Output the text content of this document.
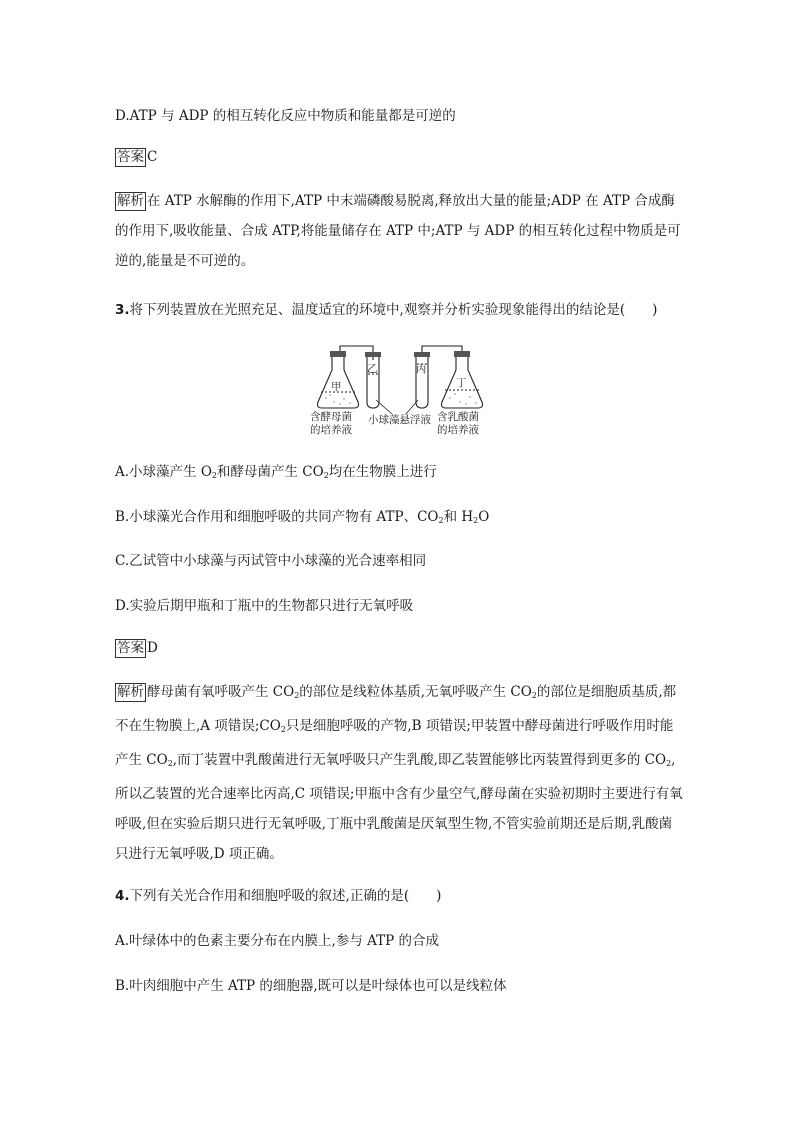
D.ATP 与 ADP 的相互转化反应中物质和能量都是可逆的
答案 C
解析 在 ATP 水解酶的作用下,ATP 中末端磷酸易脱离,释放出大量的能量;ADP 在 ATP 合成酶的作用下,吸收能量、合成 ATP,将能量储存在 ATP 中;ATP 与 ADP 的相互转化过程中物质是可逆的,能量是不可逆的。
3.将下列装置放在光照充足、温度适宜的环境中,观察并分析实验现象能得出的结论是(　　)
甲
乙	丙
丁
含酵母菌
的培养液
小球藻悬浮液 含乳酸菌
的培养液
A.小球藻产生 $O_2$和酵母菌产生 $CO_2$均在生物膜上进行
B.小球藻光合作用和细胞呼吸的共同产物有 ATP、$CO_2$和 $H_2O$
C.乙试管中小球藻与丙试管中小球藻的光合速率相同
D.实验后期甲瓶和丁瓶中的生物都只进行无氧呼吸
答案 D
解析 酵母菌有氧呼吸产生 $CO_2$的部位是线粒体基质,无氧呼吸产生 $CO_2$的部位是细胞质基质,都不在生物膜上,A 项错误$;CO_2$只是细胞呼吸的产物,B 项错误;甲装置中酵母菌进行呼吸作用时能产生 $CO_2$,而丁装置中乳酸菌进行无氧呼吸只产生乳酸,即乙装置能够比丙装置得到更多的 $CO_2$,所以乙装置的光合速率比丙高,C 项错误;甲瓶中含有少量空气,酵母菌在实验初期时主要进行有氧呼吸,但在实验后期只进行无氧呼吸,丁瓶中乳酸菌是厌氧型生物,不管实验前期还是后期,乳酸菌只进行无氧呼吸,D 项正确。
4.下列有关光合作用和细胞呼吸的叙述,正确的是(　　)
A.叶绿体中的色素主要分布在内膜上,参与 ATP 的合成
B.叶肉细胞中产生 ATP 的细胞器,既可以是叶绿体也可以是线粒体
